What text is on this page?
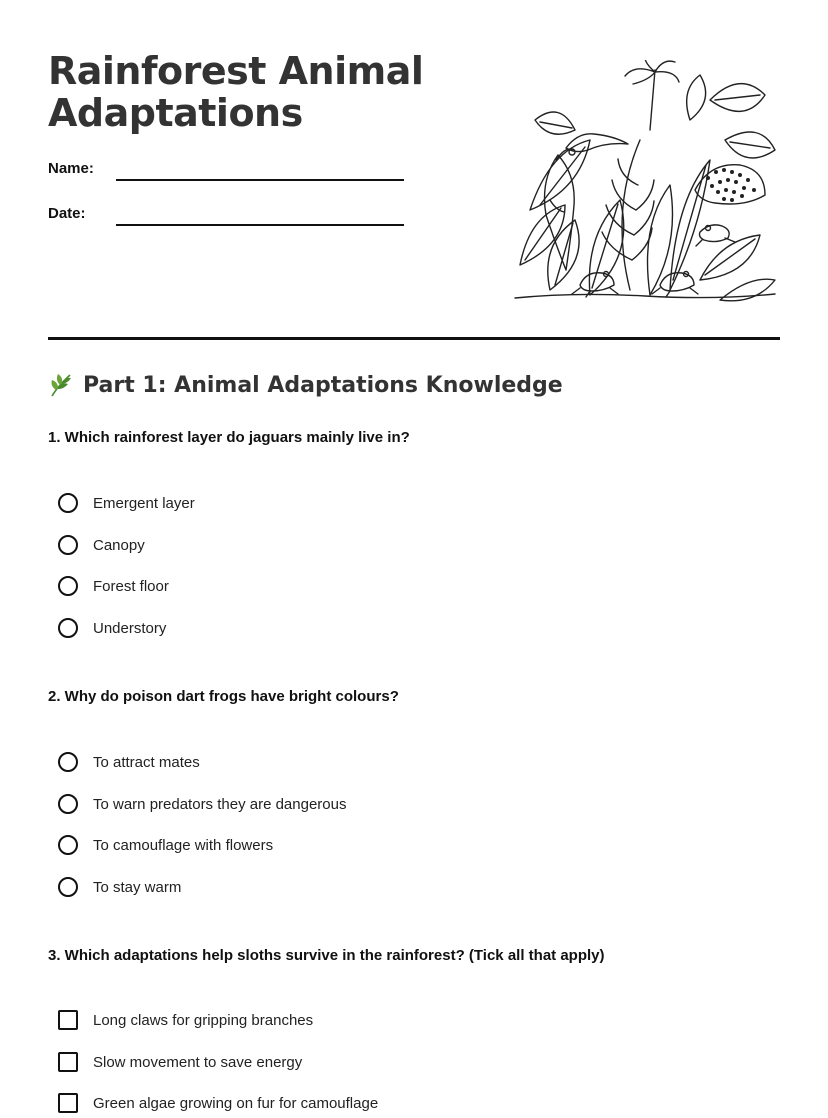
Rainforest Animal Adaptations
Name:
Date:
Part 1: Animal Adaptations Knowledge

1. Which rainforest layer do jaguars mainly live in?

Emergent layer
Canopy
Forest floor
Understory

2. Why do poison dart frogs have bright colours?

To attract mates
To warn predators they are dangerous
To camouflage with flowers
To stay warm

3. Which adaptations help sloths survive in the rainforest? (Tick all that apply)

Long claws for gripping branches
Slow movement to save energy
Green algae growing on fur for camouflage
